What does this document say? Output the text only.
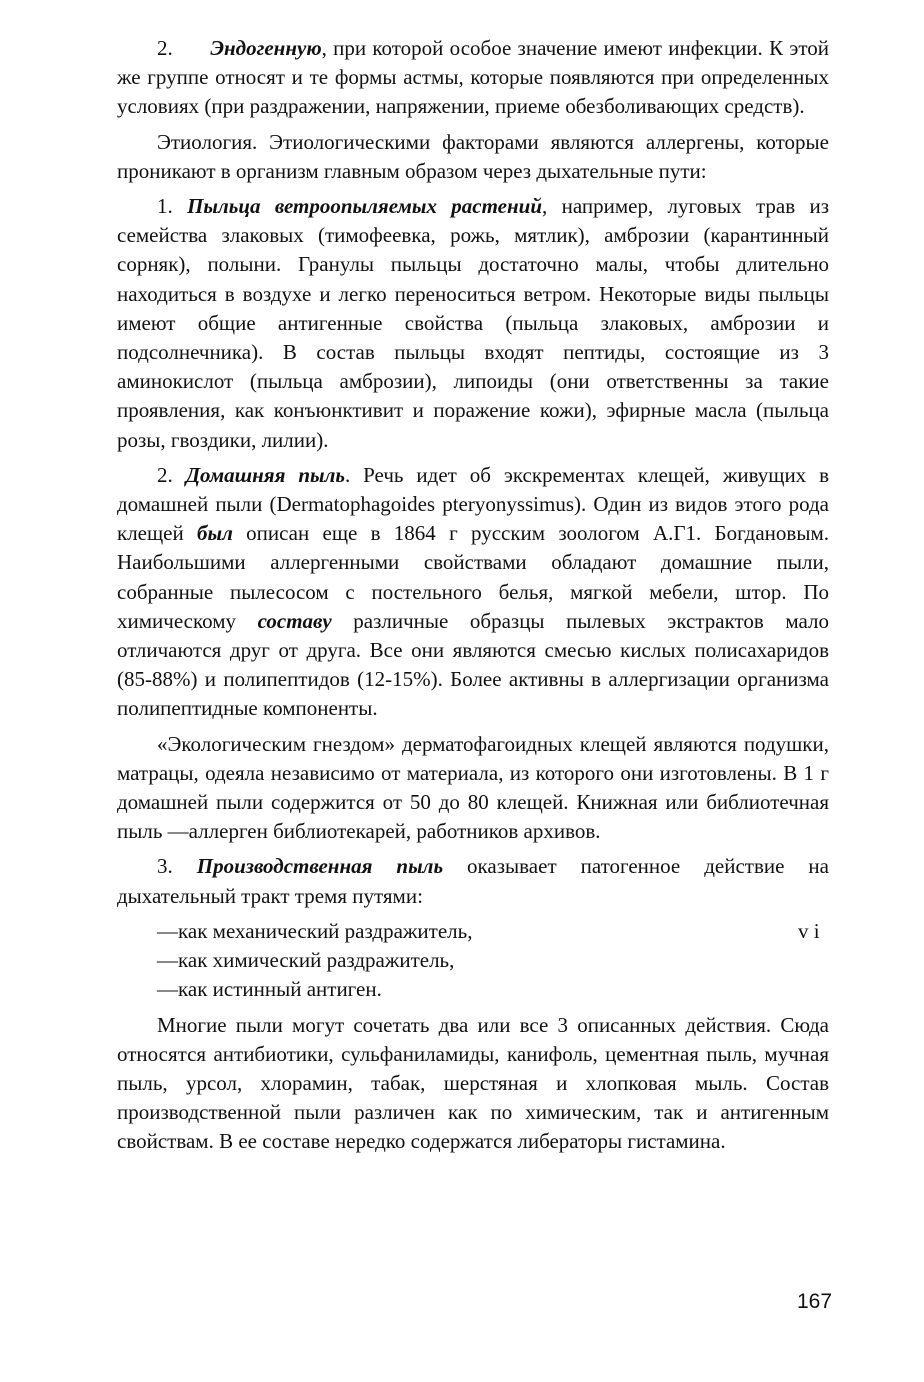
2. Эндогенную, при которой особое значение имеют инфекции. К этой же группе относят и те формы астмы, которые появляются при определенных условиях (при раздражении, напряжении, приеме обезболивающих средств).

Этиология. Этиологическими факторами являются аллергены, которые проникают в организм главным образом через дыхательные пути:

1. Пыльца ветроопыляемых растений, например, луговых трав из семейства злаковых (тимофеевка, рожь, мятлик), амброзии (карантинный сорняк), полыни. Гранулы пыльцы достаточно малы, чтобы длительно находиться в воздухе и легко переноситься ветром. Некоторые виды пыльцы имеют общие антигенные свойства (пыльца злаковых, амброзии и подсолнечника). В состав пыльцы входят пептиды, состоящие из 3 аминокислот (пыльца амброзии), липоиды (они ответственны за такие проявления, как конъюнктивит и поражение кожи), эфирные масла (пыльца розы, гвоздики, лилии).

2. Домашняя пыль. Речь идет об экскрементах клещей, живущих в домашней пыли (Dermatophagoides pteryonyssimus). Один из видов этого рода клещей был описан еще в 1864 г русским зоологом А.Г1. Богдановым. Наибольшими аллергенными свойствами обладают домашние пыли, собранные пылесосом с постельного белья, мягкой мебели, штор. По химическому составу различные образцы пылевых экстрактов мало отличаются друг от друга. Все они являются смесью кислых полисахаридов (85-88%) и полипептидов (12-15%). Более активны в аллергизации организма полипептидные компоненты.

«Экологическим гнездом» дерматофагоидных клещей являются подушки, матрацы, одеяла независимо от материала, из которого они изготовлены. В 1 г домашней пыли содержится от 50 до 80 клещей. Книжная или библиотечная пыль —аллерген библиотекарей, работников архивов.

3. Производственная пыль оказывает патогенное действие на дыхательный тракт тремя путями:

—как механический раздражитель,	v i
—как химический раздражитель,
—как истинный антиген.

Многие пыли могут сочетать два или все 3 описанных действия. Сюда относятся антибиотики, сульфаниламиды, канифоль, цементная пыль, мучная пыль, урсол, хлорамин, табак, шерстяная и хлопковая мыль. Состав производственной пыли различен как по химическим, так и антигенным свойствам. В ее составе нередко содержатся либераторы гистамина.

167
